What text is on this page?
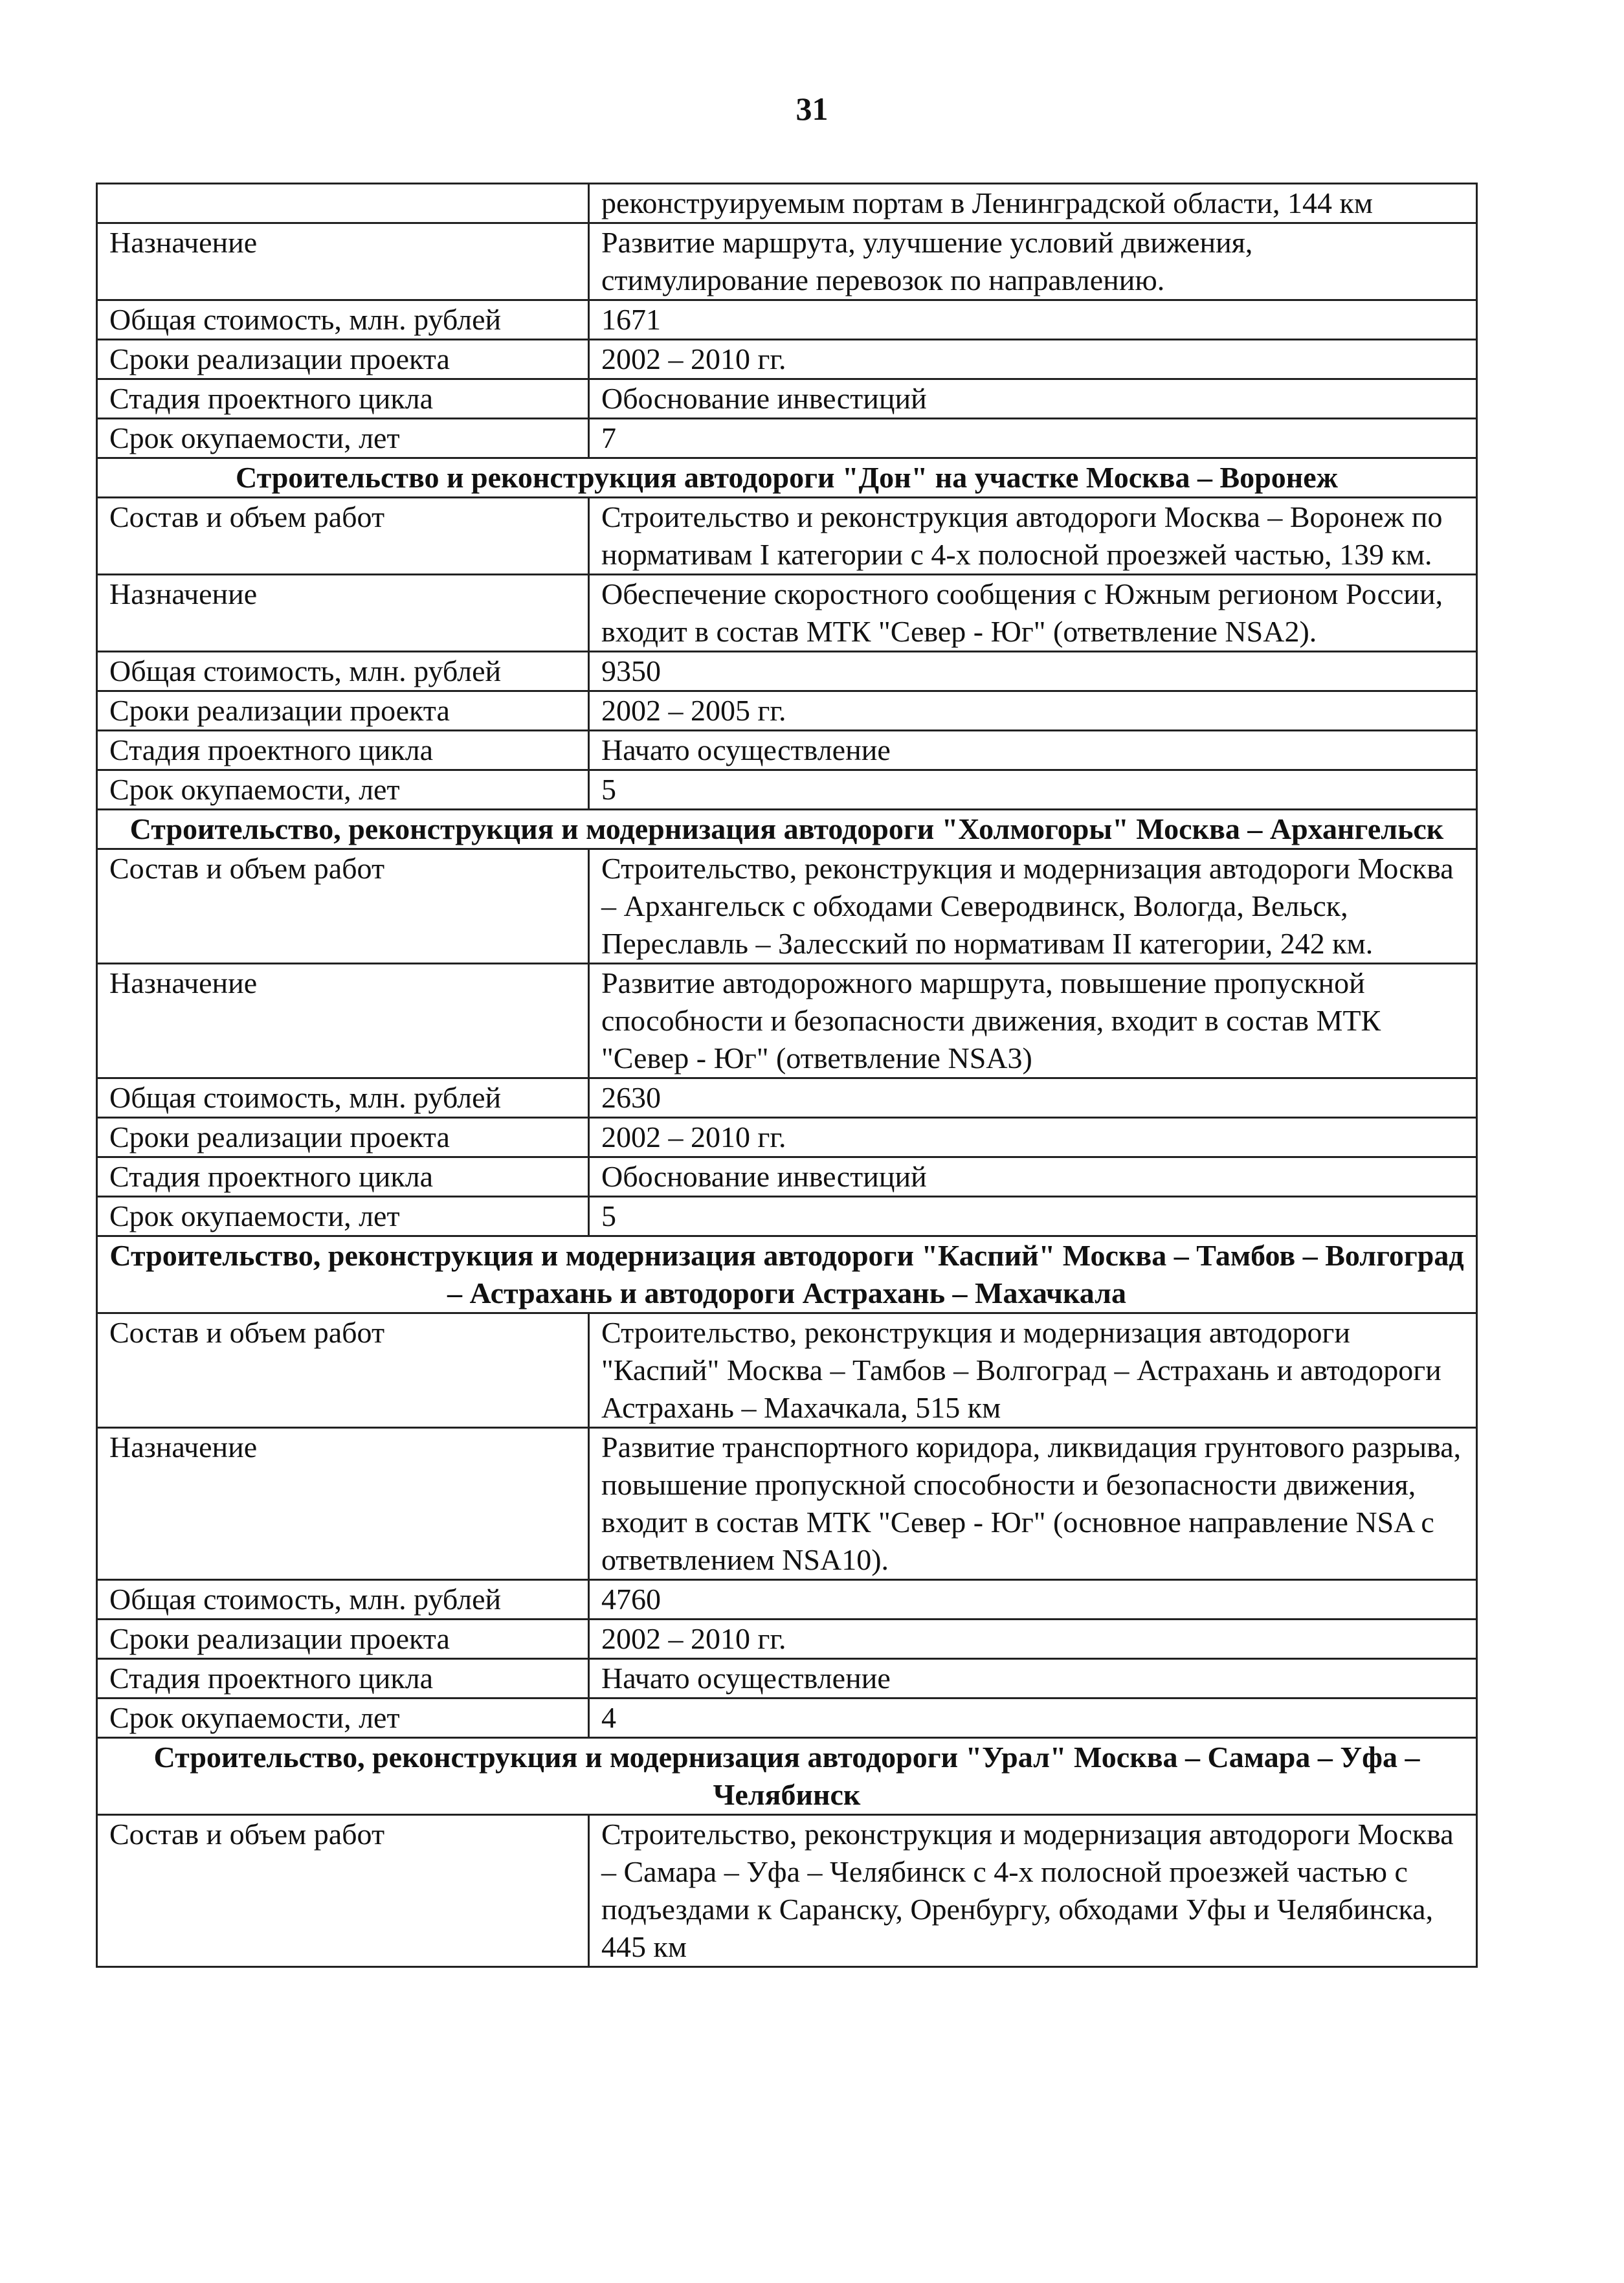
31
	реконструируемым портам в Ленинградской области, 144 км
Назначение	Развитие маршрута, улучшение условий движения, стимулирование перевозок по направлению.
Общая стоимость, млн. рублей	1671
Сроки реализации проекта	2002 – 2010 гг.
Стадия проектного цикла	Обоснование инвестиций
Срок окупаемости, лет	7
Строительство и реконструкция автодороги "Дон" на участке Москва – Воронеж	
Состав и объем работ	Строительство и реконструкция автодороги Москва – Воронеж по нормативам I категории с 4-х полосной проезжей частью, 139 км.
Назначение	Обеспечение скоростного сообщения с Южным регионом России, входит в состав МТК "Север - Юг" (ответвление NSA2).
Общая стоимость, млн. рублей	9350
Сроки реализации проекта	2002 – 2005 гг.
Стадия проектного цикла	Начато осуществление
Срок окупаемости, лет	5
Строительство, реконструкция и модернизация автодороги "Холмогоры" Москва – Архангельск	
Состав и объем работ	Строительство, реконструкция и модернизация автодороги Москва – Архангельск с обходами Северодвинск, Вологда, Вельск, Переславль – Залесский по нормативам II категории, 242 км.
Назначение	Развитие автодорожного маршрута, повышение пропускной способности и безопасности движения, входит в состав МТК "Север - Юг" (ответвление NSA3)
Общая стоимость, млн. рублей	2630
Сроки реализации проекта	2002 – 2010 гг.
Стадия проектного цикла	Обоснование инвестиций
Срок окупаемости, лет	5
Строительство, реконструкция и модернизация автодороги "Каспий" Москва – Тамбов – Волгоград – Астрахань и автодороги Астрахань – Махачкала	
Состав и объем работ	Строительство, реконструкция и модернизация автодороги "Каспий" Москва – Тамбов – Волгоград – Астрахань и автодороги Астрахань – Махачкала, 515 км
Назначение	Развитие транспортного коридора, ликвидация грунтового разрыва, повышение пропускной способности и безопасности движения, входит в состав МТК "Север - Юг" (основное направление NSA с ответвлением NSA10).
Общая стоимость, млн. рублей	4760
Сроки реализации проекта	2002 – 2010 гг.
Стадия проектного цикла	Начато осуществление
Срок окупаемости, лет	4
Строительство, реконструкция и модернизация автодороги "Урал" Москва – Самара – Уфа – Челябинск	
Состав и объем работ	Строительство, реконструкция и модернизация автодороги Москва – Самара – Уфа – Челябинск с 4-х полосной проезжей частью с подъездами к Саранску, Оренбургу, обходами Уфы и Челябинска, 445 км
